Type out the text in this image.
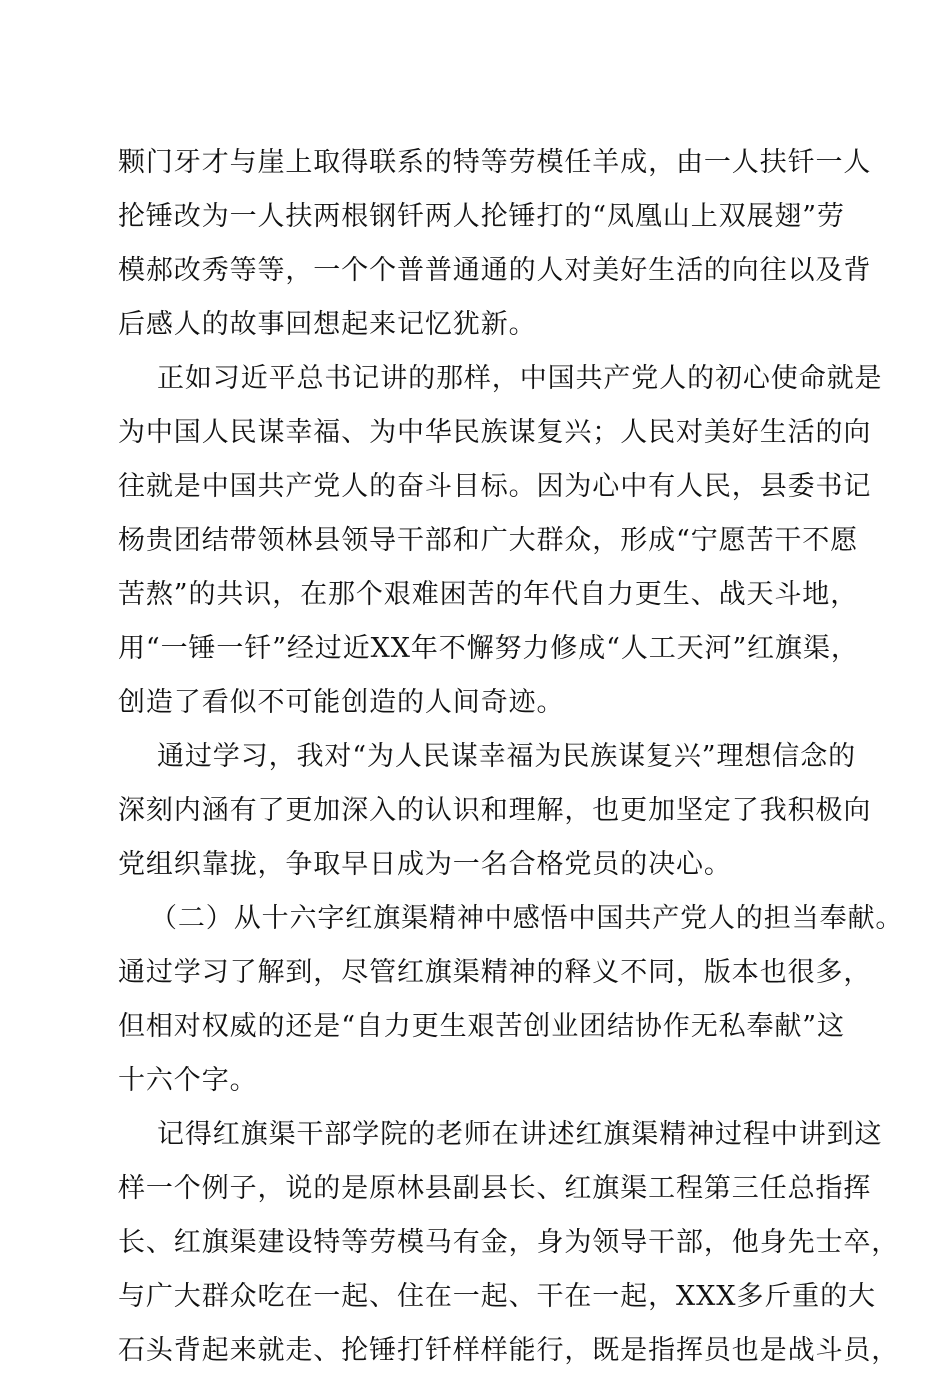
颗门牙才与崖上取得联系的特等劳模任羊成，由一人扶钎一人
抡锤改为一人扶两根钢钎两人抡锤打的“凤凰山上双展翅”劳
模郝改秀等等，一个个普普通通的人对美好生活的向往以及背
后感人的故事回想起来记忆犹新。
正如习近平总书记讲的那样，中国共产党人的初心使命就是
为中国人民谋幸福、为中华民族谋复兴；人民对美好生活的向
往就是中国共产党人的奋斗目标。因为心中有人民，县委书记
杨贵团结带领林县领导干部和广大群众，形成“宁愿苦干不愿
苦熬”的共识，在那个艰难困苦的年代自力更生、战天斗地，
用“一锤一钎”经过近XX年不懈努力修成“人工天河”红旗渠，
创造了看似不可能创造的人间奇迹。
通过学习，我对“为人民谋幸福为民族谋复兴”理想信念的
深刻内涵有了更加深入的认识和理解，也更加坚定了我积极向
党组织靠拢，争取早日成为一名合格党员的决心。
（二）从十六字红旗渠精神中感悟中国共产党人的担当奉献。
通过学习了解到，尽管红旗渠精神的释义不同，版本也很多，
但相对权威的还是“自力更生艰苦创业团结协作无私奉献”这
十六个字。
记得红旗渠干部学院的老师在讲述红旗渠精神过程中讲到这
样一个例子，说的是原林县副县长、红旗渠工程第三任总指挥
长、红旗渠建设特等劳模马有金，身为领导干部，他身先士卒，
与广大群众吃在一起、住在一起、干在一起，XXX多斤重的大
石头背起来就走、抡锤打钎样样能行，既是指挥员也是战斗员，
